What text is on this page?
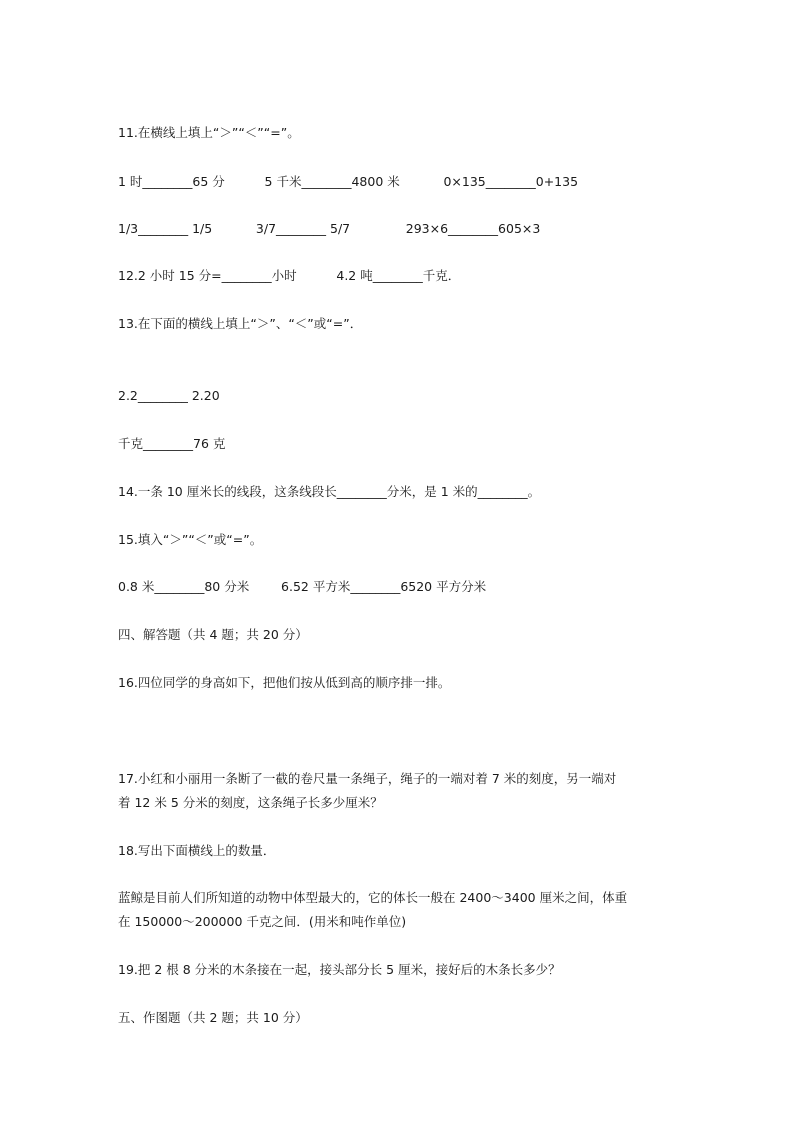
11.在横线上填上“＞”“＜”“=”。

1 时________65 分          5 千米________4800 米           0×135________0+135

1/3________ 1/5           3/7________ 5/7              293×6________605×3

12.2 小时 15 分=________小时          4.2 吨________千克．

13.在下面的横线上填上“＞”、“＜”或“=”．

2.2________ 2.20

千克________76 克

14.一条 10 厘米长的线段，这条线段长________分米，是 1 米的________。

15.填入“＞”“＜”或“=”。

0.8 米________80 分米        6.52 平方米________6520 平方分米

四、解答题（共 4 题；共 20 分）

16.四位同学的身高如下，把他们按从低到高的顺序排一排。

17.小红和小丽用一条断了一截的卷尺量一条绳子，绳子的一端对着 7 米的刻度，另一端对

着 12 米 5 分米的刻度，这条绳子长多少厘米？

18.写出下面横线上的数量．

蓝鲸是目前人们所知道的动物中体型最大的，它的体长一般在 2400～3400 厘米之间，体重

在 150000～200000 千克之间．(用米和吨作单位)

19.把 2 根 8 分米的木条接在一起，接头部分长 5 厘米，接好后的木条长多少？

五、作图题（共 2 题；共 10 分）
